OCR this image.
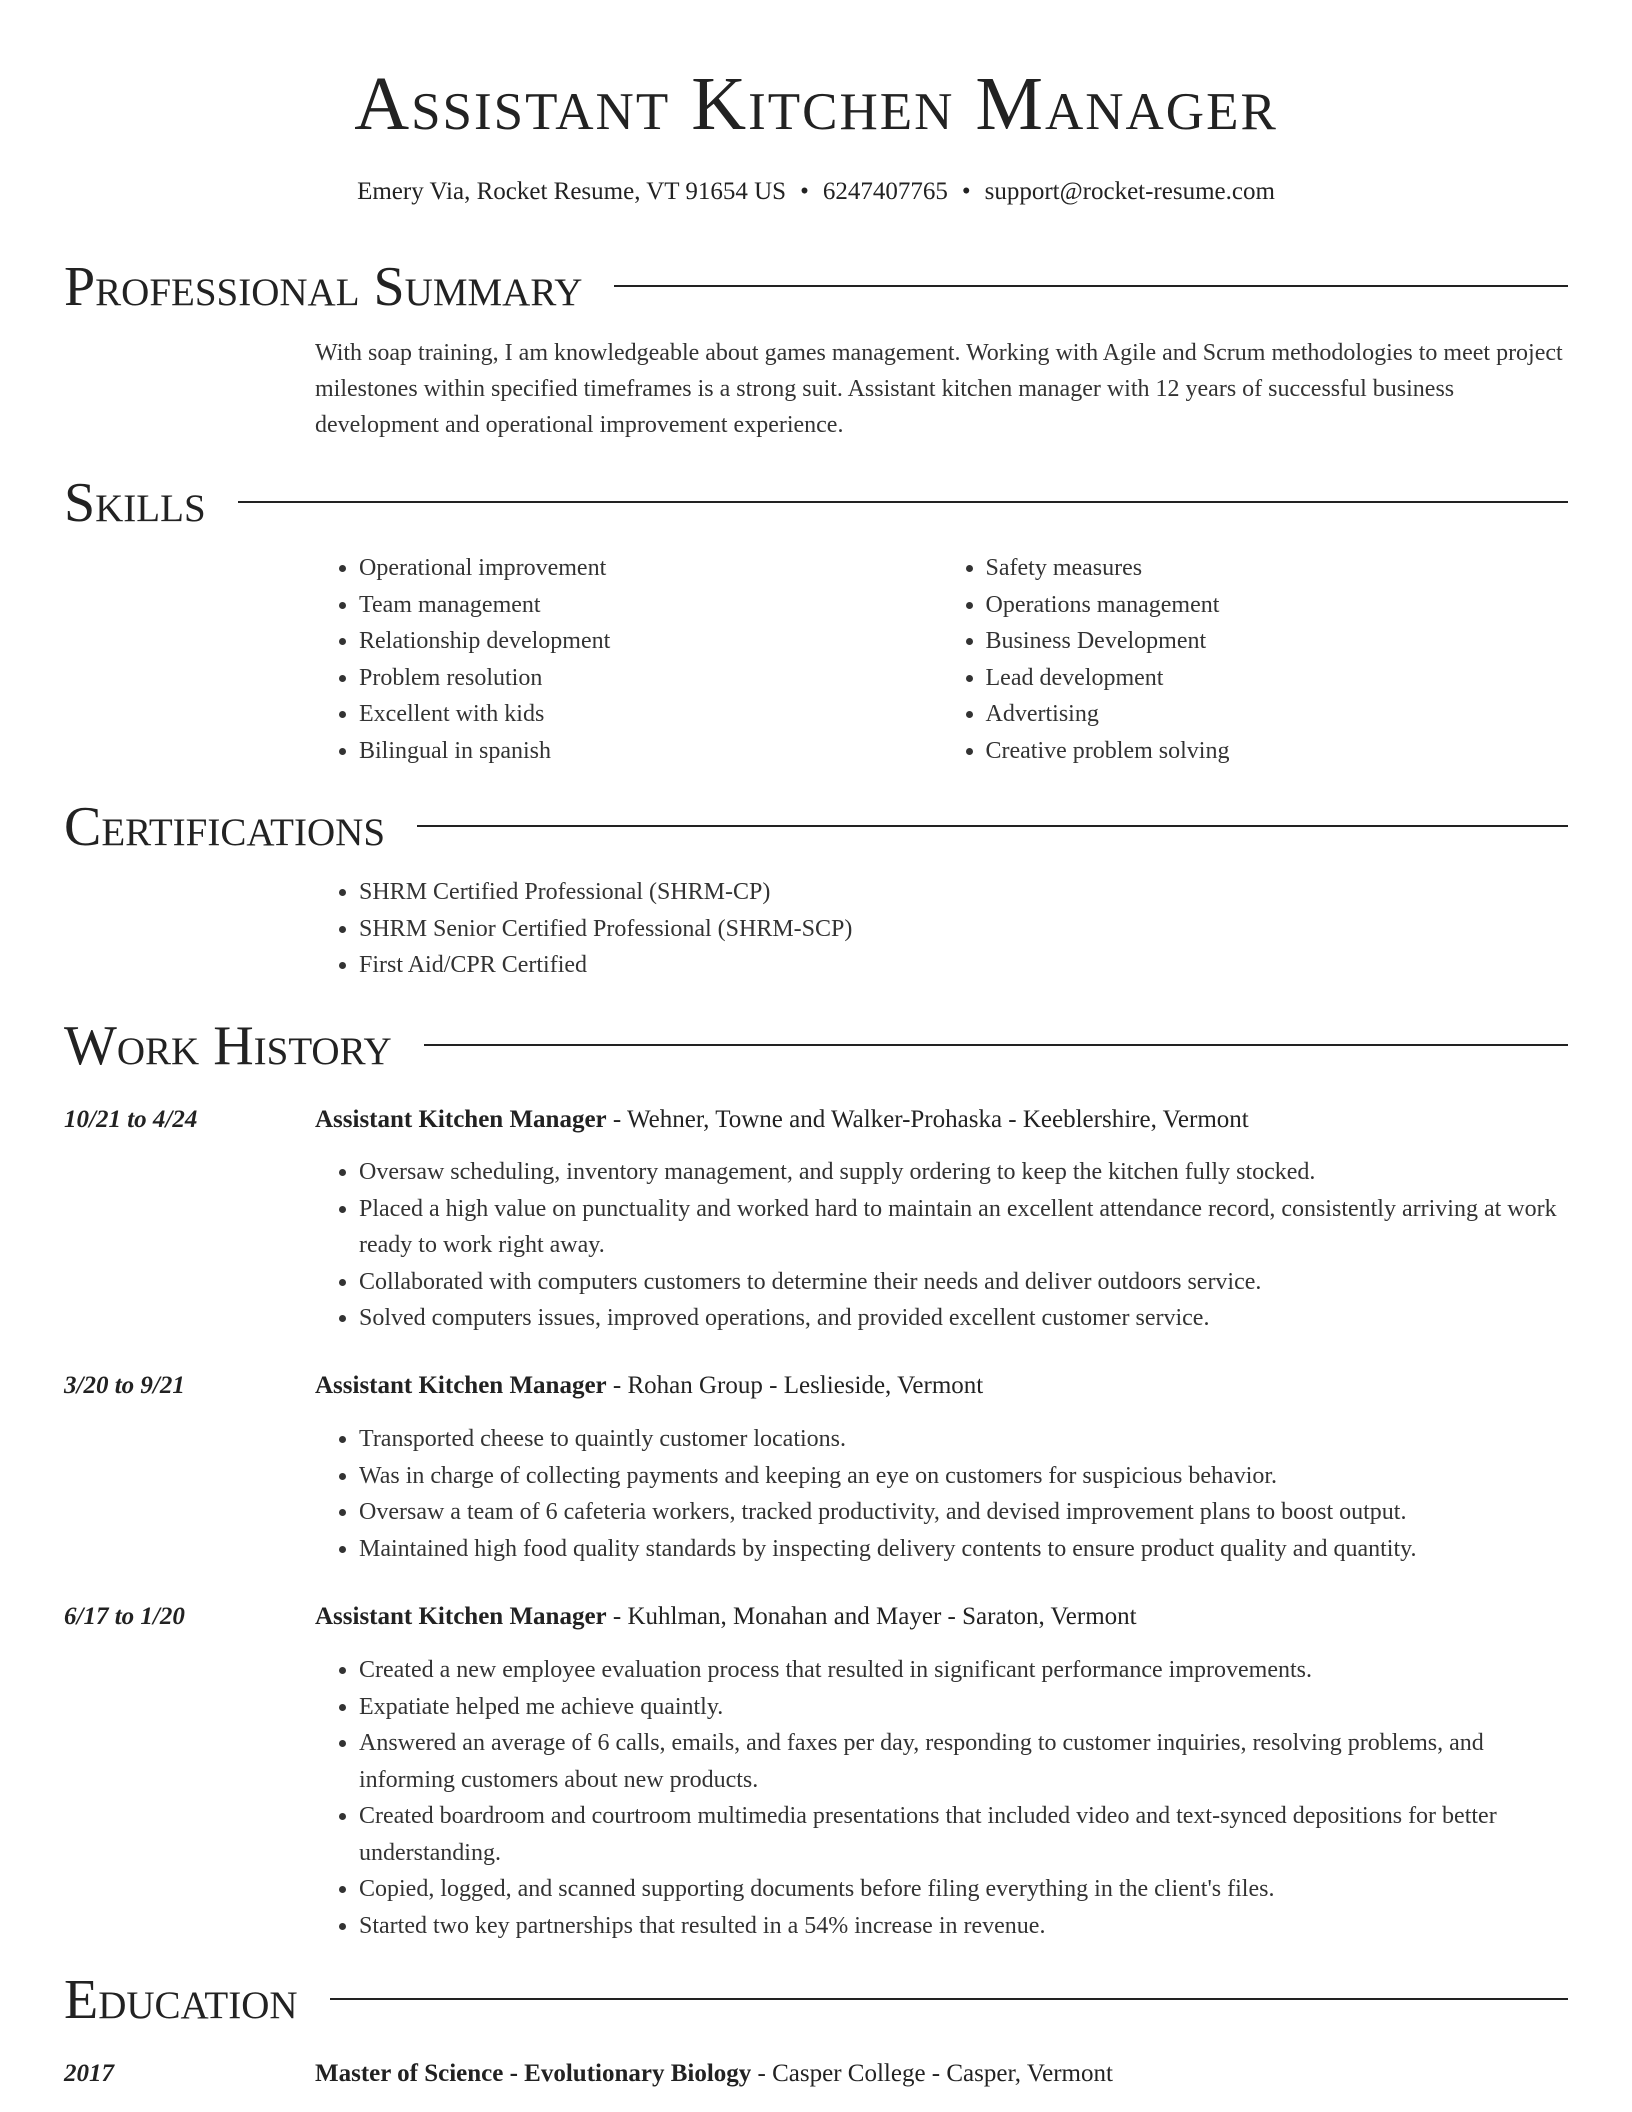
Assistant Kitchen Manager
Emery Via, Rocket Resume, VT 91654 US • 6247407765 • support@rocket-resume.com
Professional Summary

With soap training, I am knowledgeable about games management. Working with Agile and Scrum methodologies to meet project milestones within specified timeframes is a strong suit. Assistant kitchen manager with 12 years of successful business development and operational improvement experience.

Skills
• Operational improvement
• Team management
• Relationship development
• Problem resolution
• Excellent with kids
• Bilingual in spanish
• Safety measures
• Operations management
• Business Development
• Lead development
• Advertising
• Creative problem solving
Certifications
• SHRM Certified Professional (SHRM-CP)
• SHRM Senior Certified Professional (SHRM-SCP)
• First Aid/CPR Certified
Work History
10/21 to 4/24	Assistant Kitchen Manager - Wehner, Towne and Walker-Prohaska - Keeblershire, Vermont
• Oversaw scheduling, inventory management, and supply ordering to keep the kitchen fully stocked.
• Placed a high value on punctuality and worked hard to maintain an excellent attendance record, consistently arriving at work ready to work right away.
• Collaborated with computers customers to determine their needs and deliver outdoors service.
• Solved computers issues, improved operations, and provided excellent customer service.
3/20 to 9/21	Assistant Kitchen Manager - Rohan Group - Leslieside, Vermont
• Transported cheese to quaintly customer locations.
• Was in charge of collecting payments and keeping an eye on customers for suspicious behavior.
• Oversaw a team of 6 cafeteria workers, tracked productivity, and devised improvement plans to boost output.
• Maintained high food quality standards by inspecting delivery contents to ensure product quality and quantity.
6/17 to 1/20	Assistant Kitchen Manager - Kuhlman, Monahan and Mayer - Saraton, Vermont
• Created a new employee evaluation process that resulted in significant performance improvements.
• Expatiate helped me achieve quaintly.
• Answered an average of 6 calls, emails, and faxes per day, responding to customer inquiries, resolving problems, and informing customers about new products.
• Created boardroom and courtroom multimedia presentations that included video and text-synced depositions for better understanding.
• Copied, logged, and scanned supporting documents before filing everything in the client's files.
• Started two key partnerships that resulted in a 54% increase in revenue.
Education
2017	Master of Science - Evolutionary Biology - Casper College - Casper, Vermont
